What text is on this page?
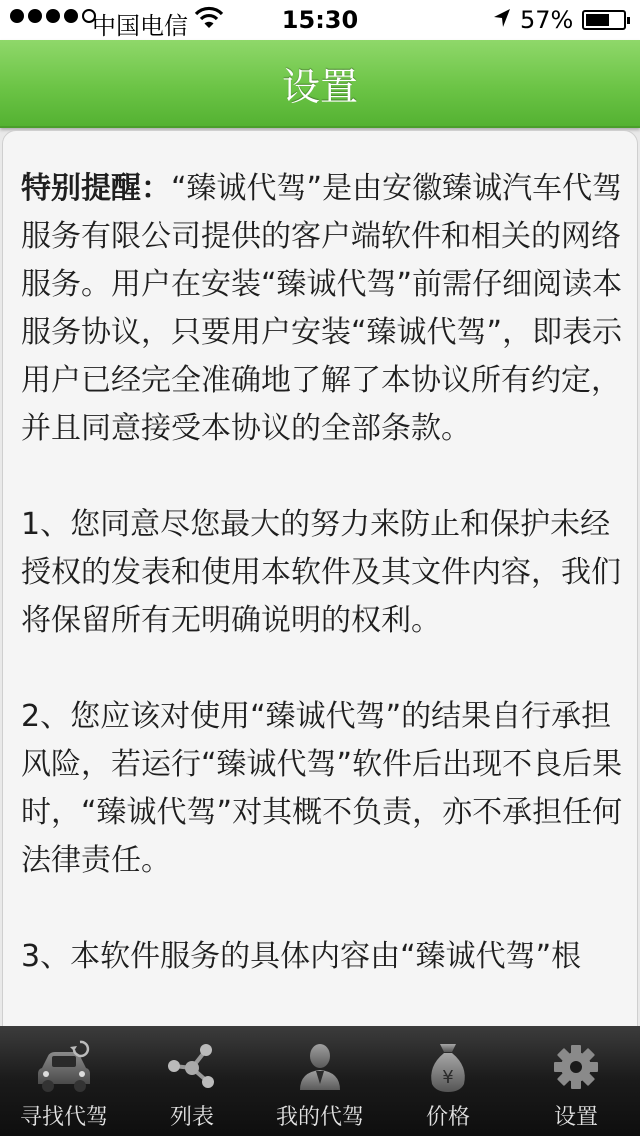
中国电信	15:30	57%
设置

特别提醒：“臻诚代驾”是由安徽臻诚汽车代驾服务有限公司提供的客户端软件和相关的网络服务。用户在安装“臻诚代驾”前需仔细阅读本服务协议，只要用户安装“臻诚代驾”，即表示用户已经完全准确地了解了本协议所有约定，并且同意接受本协议的全部条款。

1、您同意尽您最大的努力来防止和保护未经授权的发表和使用本软件及其文件内容，我们将保留所有无明确说明的权利。

2、您应该对使用“臻诚代驾”的结果自行承担风险，若运行“臻诚代驾”软件后出现不良后果时，“臻诚代驾”对其概不负责，亦不承担任何法律责任。

3、本软件服务的具体内容由“臻诚代驾”根

寻找代驾	列表	我的代驾
¥
价格	设置
